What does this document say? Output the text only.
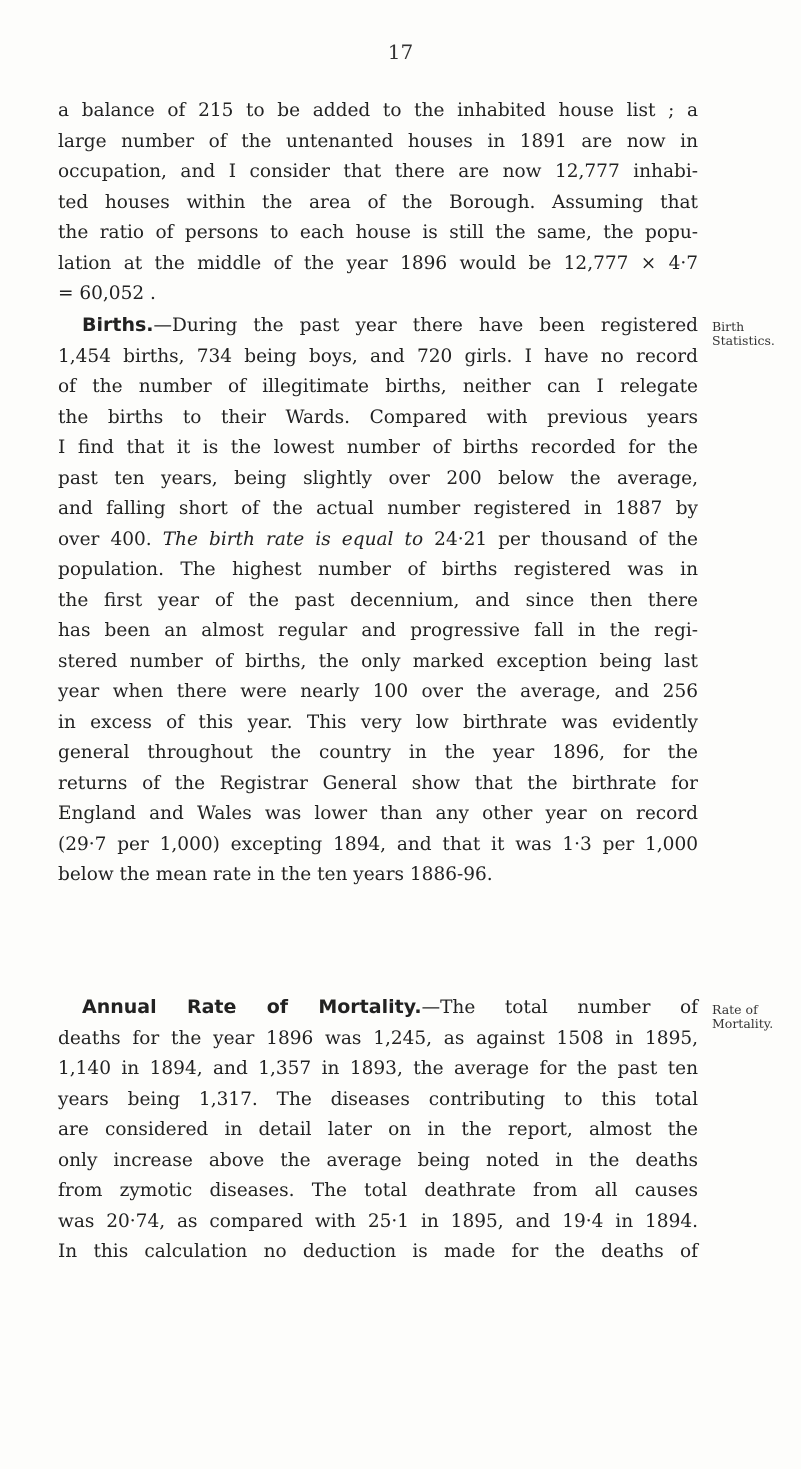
17
a balance of 215 to be added to the inhabited house list ; a
large number of the untenanted houses in 1891 are now in
occupation, and I consider that there are now 12,777 inhabi-
ted houses within the area of the Borough. Assuming that
the ratio of persons to each house is still the same, the popu-
lation at the middle of the year 1896 would be 12,777 × 4·7
= 60,052 .
Birth Statistics.
Births.—During the past year there have been registered
1,454 births, 734 being boys, and 720 girls. I have no record
of the number of illegitimate births, neither can I relegate
the births to their Wards. Compared with previous years
I find that it is the lowest number of births recorded for the
past ten years, being slightly over 200 below the average,
and falling short of the actual number registered in 1887 by
over 400. The birth rate is equal to 24·21 per thousand of the
population. The highest number of births registered was in
the first year of the past decennium, and since then there
has been an almost regular and progressive fall in the regi-
stered number of births, the only marked exception being last
year when there were nearly 100 over the average, and 256
in excess of this year. This very low birthrate was evidently
general throughout the country in the year 1896, for the
returns of the Registrar General show that the birthrate for
England and Wales was lower than any other year on record
(29·7 per 1,000) excepting 1894, and that it was 1·3 per 1,000
below the mean rate in the ten years 1886-96.
Rate of Mortality.
Annual Rate of Mortality.—The total number of
deaths for the year 1896 was 1,245, as against 1508 in 1895,
1,140 in 1894, and 1,357 in 1893, the average for the past ten
years being 1,317. The diseases contributing to this total
are considered in detail later on in the report, almost the
only increase above the average being noted in the deaths
from zymotic diseases. The total deathrate from all causes
was 20·74, as compared with 25·1 in 1895, and 19·4 in 1894.
In this calculation no deduction is made for the deaths of
